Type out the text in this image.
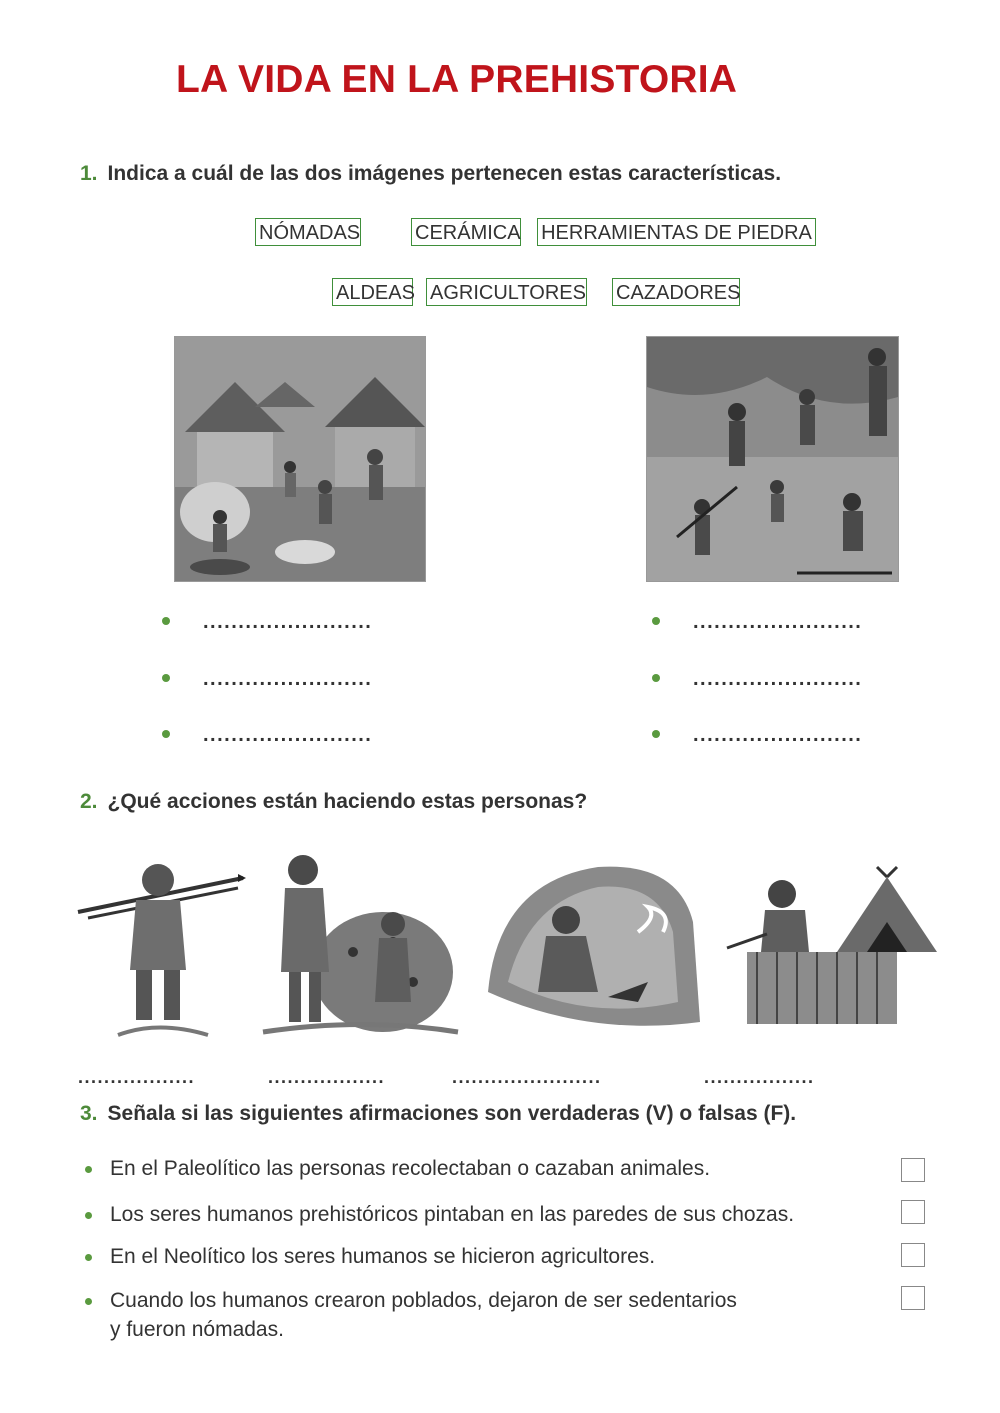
LA VIDA EN LA PREHISTORIA
1. Indica a cuál de las dos imágenes pertenecen estas características.
NÓMADAS	CERÁMICA HERRAMIENTAS DE PIEDRA
ALDEAS AGRICULTORES CAZADORES
........................
........................
........................
........................
........................
........................
2. ¿Qué acciones están haciendo estas personas?
..................	..................	.......................	.................
3. Señala si las siguientes afirmaciones son verdaderas (V) o falsas (F).
En el Paleolítico las personas recolectaban o cazaban animales.
Los seres humanos prehistóricos pintaban en las paredes de sus chozas.
En el Neolítico los seres humanos se hicieron agricultores.
Cuando los humanos crearon poblados, dejaron de ser sedentarios
y fueron nómadas.
